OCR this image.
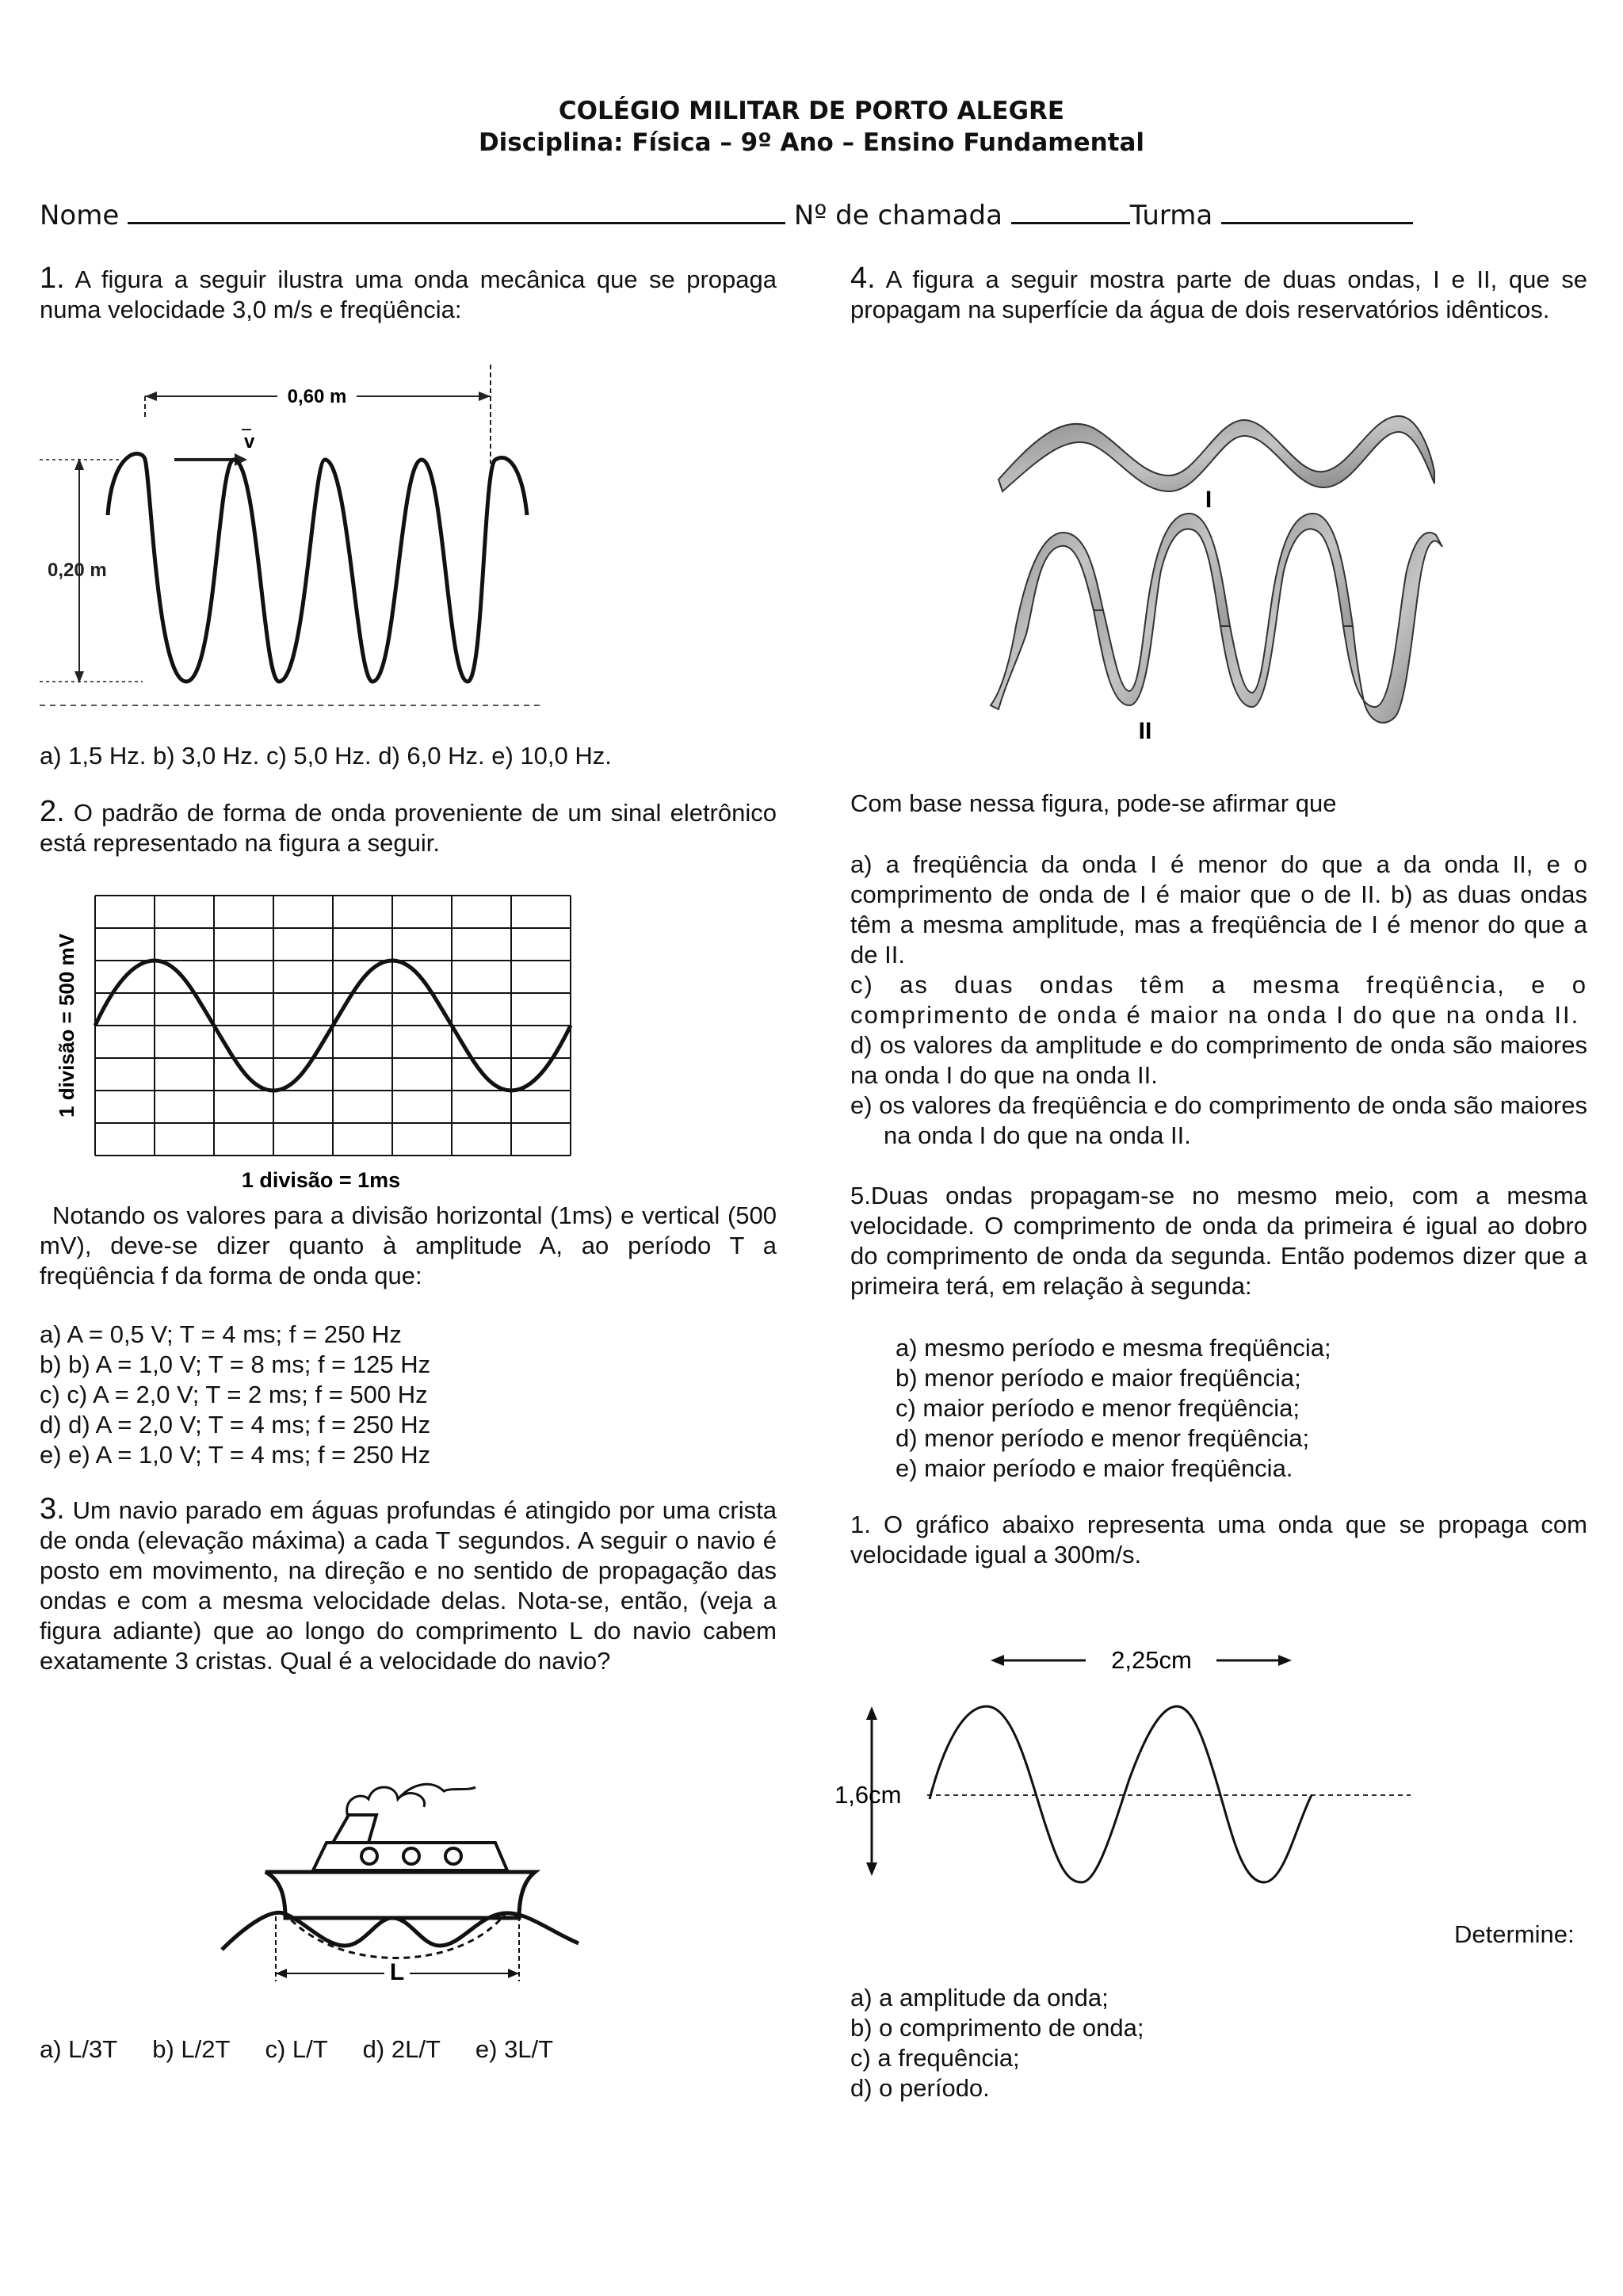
COLÉGIO MILITAR DE PORTO ALEGRE
Disciplina: Física – 9º Ano – Ensino Fundamental
Nome	Nº de chamada	Turma
1. A figura a seguir ilustra uma onda mecânica que se propaga numa velocidade 3,0 m/s e freqüência:
0,60 m
v
0,20 m
a) 1,5 Hz. b) 3,0 Hz. c) 5,0 Hz. d) 6,0 Hz. e) 10,0 Hz.
2. O padrão de forma de onda proveniente de um sinal eletrônico está representado na figura a seguir.
1 divisão = 500 mV
1 divisão = 1ms
Notando os valores para a divisão horizontal (1ms) e vertical (500 mV), deve-se dizer quanto à amplitude A, ao período T a freqüência f da forma de onda que:
a) A = 0,5 V; T = 4 ms; f = 250 Hz
b) b) A = 1,0 V; T = 8 ms; f = 125 Hz
c) c) A = 2,0 V; T = 2 ms; f = 500 Hz
d) d) A = 2,0 V; T = 4 ms; f = 250 Hz
e) e) A = 1,0 V; T = 4 ms; f = 250 Hz
3. Um navio parado em águas profundas é atingido por uma crista de onda (elevação máxima) a cada T segundos. A seguir o navio é posto em movimento, na direção e no sentido de propagação das ondas e com a mesma velocidade delas. Nota-se, então, (veja a figura adiante) que ao longo do comprimento L do navio cabem exatamente 3 cristas. Qual é a velocidade do navio?
L
a) L/3T b) L/2T c) L/T d) 2L/T e) 3L/T
4. A figura a seguir mostra parte de duas ondas, I e II, que se propagam na superfície da água de dois reservatórios idênticos.
I
II
Com base nessa figura, pode-se afirmar que
a) a freqüência da onda I é menor do que a da onda II, e o comprimento de onda de I é maior que o de II. b) as duas ondas têm a mesma amplitude, mas a freqüência de I é menor do que a de II.
c) as duas ondas têm a mesma freqüência, e o comprimento de onda é maior na onda I do que na onda II.
d) os valores da amplitude e do comprimento de onda são maiores na onda I do que na onda II.
e) os valores da freqüência e do comprimento de onda são maiores na onda I do que na onda II.
5.Duas ondas propagam-se no mesmo meio, com a mesma velocidade. O comprimento de onda da primeira é igual ao dobro do comprimento de onda da segunda. Então podemos dizer que a primeira terá, em relação à segunda:
a) mesmo período e mesma freqüência;
b) menor período e maior freqüência;
c) maior período e menor freqüência;
d) menor período e menor freqüência;
e) maior período e maior freqüência.
1. O gráfico abaixo representa uma onda que se propaga com velocidade igual a 300m/s.
2,25cm
1,6cm
Determine:
a) a amplitude da onda;
b) o comprimento de onda;
c) a frequência;
d) o período.
